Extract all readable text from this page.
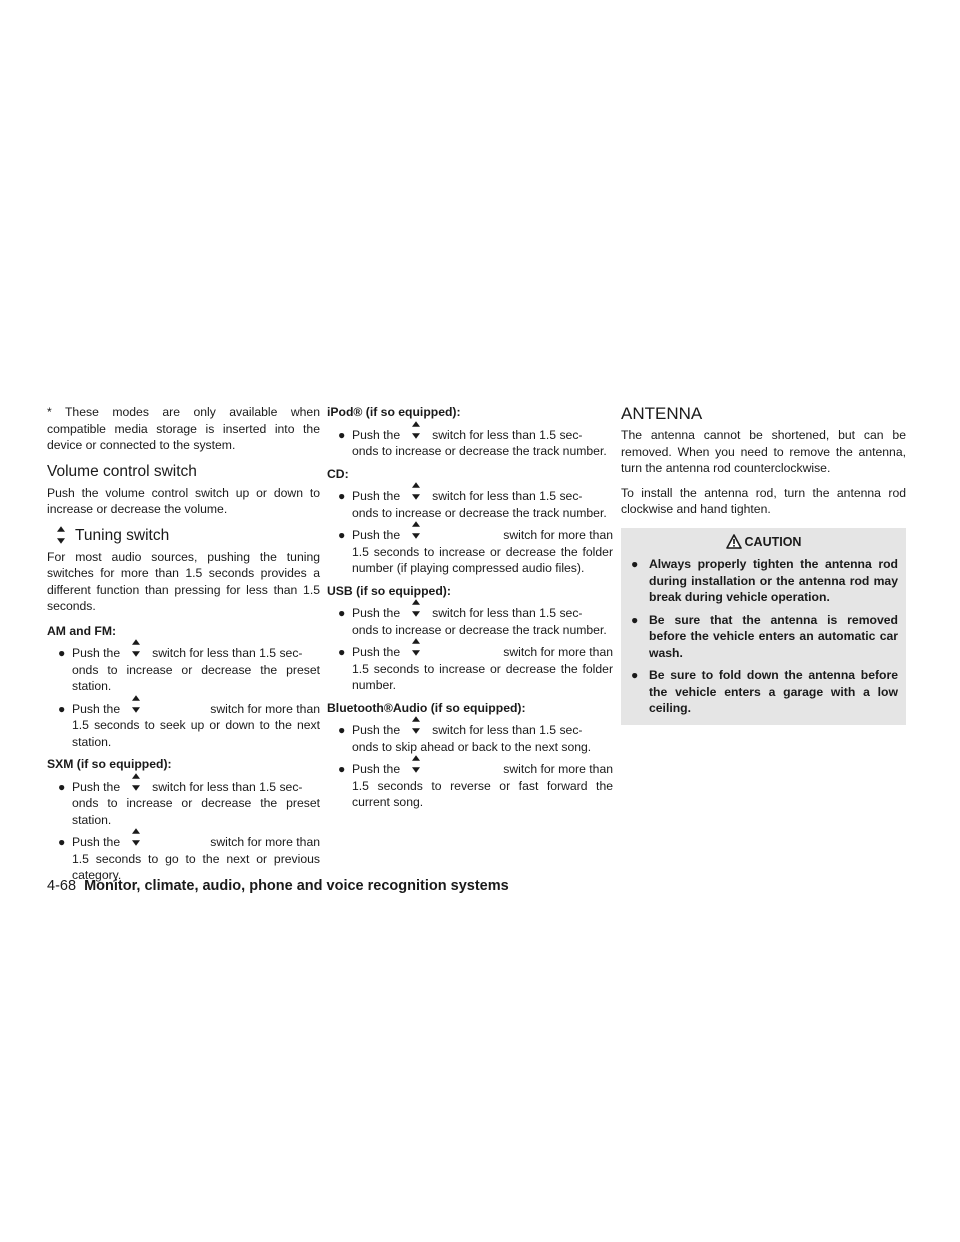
* These modes are only available when compatible media storage is inserted into the device or connected to the system.

Volume control switch

Push the volume control switch up or down to increase or decrease the volume.

Tuning switch

For most audio sources, pushing the tuning switches for more than 1.5 seconds provides a different function than pressing for less than 1.5 seconds.

AM and FM:
● Push the	switch for less than 1.5 sec-
onds to increase or decrease the preset station.
● Push the	switch for more than
1.5 seconds to seek up or down to the next station.
SXM (if so equipped):
● Push the	switch for less than 1.5 sec-
onds to increase or decrease the preset station.
● Push the	switch for more than
1.5 seconds to go to the next or previous category.
iPod® (if so equipped):
● Push the	switch for less than 1.5 sec-
onds to increase or decrease the track number.
CD:
● Push the	switch for less than 1.5 sec-
onds to increase or decrease the track number.
● Push the	switch for more than
1.5 seconds to increase or decrease the folder number (if playing compressed audio files).
USB (if so equipped):
● Push the	switch for less than 1.5 sec-
onds to increase or decrease the track number.
● Push the	switch for more than
1.5 seconds to increase or decrease the folder number.
Bluetooth®Audio (if so equipped):
● Push the	switch for less than 1.5 sec-
onds to skip ahead or back to the next song.
● Push the	switch for more than
1.5 seconds to reverse or fast forward the current song.
ANTENNA

The antenna cannot be shortened, but can be removed. When you need to remove the antenna, turn the antenna rod counterclockwise.

To install the antenna rod, turn the antenna rod clockwise and hand tighten.

CAUTION
● Always properly tighten the antenna rod during installation or the antenna rod may break during vehicle operation.
● Be sure that the antenna is removed before the vehicle enters an automatic car wash.
● Be sure to fold down the antenna before the vehicle enters a garage with a low ceiling.
4-68 Monitor, climate, audio, phone and voice recognition systems
